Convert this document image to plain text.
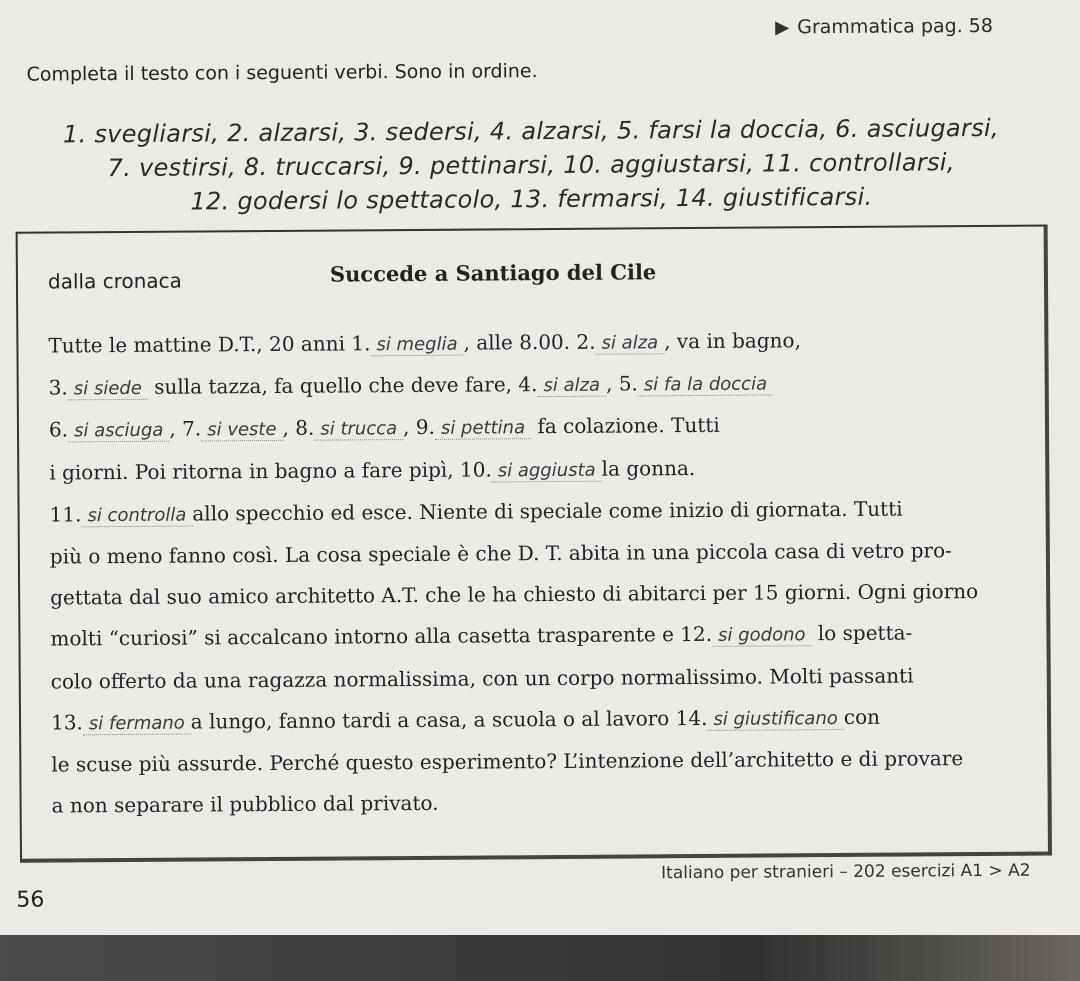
Grammatica pag. 58
Completa il testo con i seguenti verbi. Sono in ordine.
1. svegliarsi, 2. alzarsi, 3. sedersi, 4. alzarsi, 5. farsi la doccia, 6. asciugarsi,
7. vestirsi, 8. truccarsi, 9. pettinarsi, 10. aggiustarsi, 11. controllarsi,
12. godersi lo spettacolo, 13. fermarsi, 14. giustificarsi.
dalla cronaca	Succede a Santiago del Cile

Tutte le mattine D.T., 20 anni 1. si meglia , alle 8.00. 2. si alza , va in bagno,

3. si siede sulla tazza, fa quello che deve fare, 4. si alza , 5. si fa la doccia

6. si asciuga , 7. si veste , 8. si trucca , 9. si pettina fa colazione. Tutti

i giorni. Poi ritorna in bagno a fare pipì, 10. si aggiusta la gonna.

11. si controlla allo specchio ed esce. Niente di speciale come inizio di giornata. Tutti

più o meno fanno così. La cosa speciale è che D. T. abita in una piccola casa di vetro pro-

gettata dal suo amico architetto A.T. che le ha chiesto di abitarci per 15 giorni. Ogni giorno

molti “curiosi” si accalcano intorno alla casetta trasparente e 12. si godono lo spetta-

colo offerto da una ragazza normalissima, con un corpo normalissimo. Molti passanti

13. si fermano a lungo, fanno tardi a casa, a scuola o al lavoro 14. si giustificano con

le scuse più assurde. Perché questo esperimento? L’intenzione dell’architetto e di provare

a non separare il pubblico dal privato.

Italiano per stranieri – 202 esercizi A1 > A2
56
